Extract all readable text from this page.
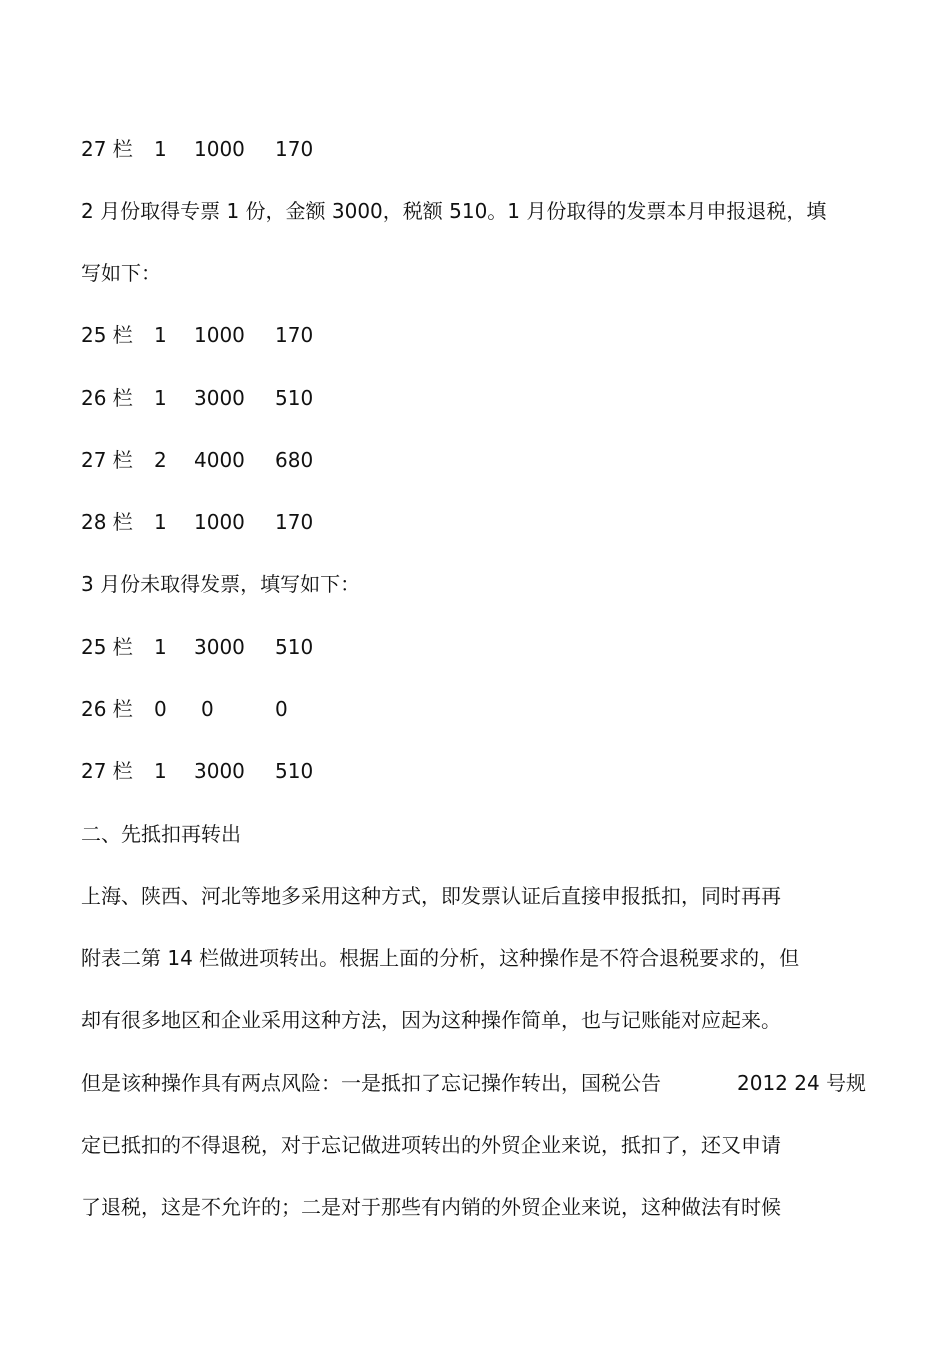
27 栏 1 1000 170
2 月份取得专票 1 份，金额 3000，税额 510。1 月份取得的发票本月申报退税，填
写如下：
25 栏 1 1000 170
26 栏 1 3000 510
27 栏 2 4000 680
28 栏 1 1000 170
3 月份未取得发票，填写如下：
25 栏 1 3000 510
26 栏 0 0	0
27 栏 1 3000 510
二、先抵扣再转出
上海、陕西、河北等地多采用这种方式，即发票认证后直接申报抵扣，同时再再
附表二第 14 栏做进项转出。根据上面的分析，这种操作是不符合退税要求的，但
却有很多地区和企业采用这种方法，因为这种操作简单，也与记账能对应起来。
但是该种操作具有两点风险：一是抵扣了忘记操作转出，国税公告	2012 24 号规
定已抵扣的不得退税，对于忘记做进项转出的外贸企业来说，抵扣了，还又申请
了退税，这是不允许的；二是对于那些有内销的外贸企业来说，这种做法有时候
